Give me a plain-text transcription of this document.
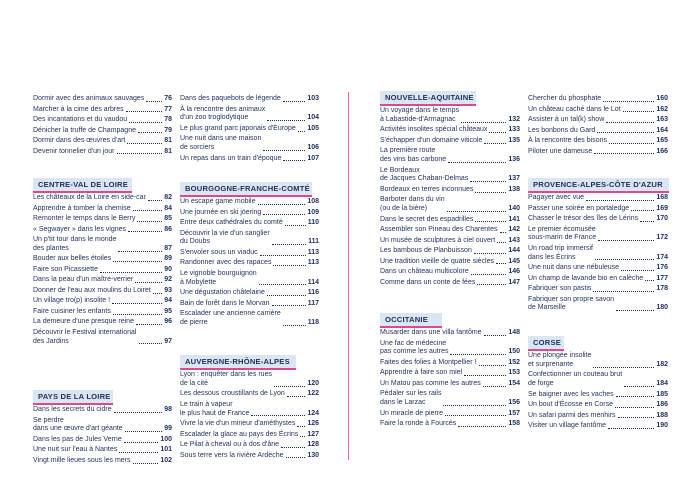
Dormir avec des animaux sauvages	76
Marcher à la cime des arbres	77
Des incantations et du vaudou	78
Dénicher la truffe de Champagne	79
Dormir dans des œuvres d'art	81
Devenir tonnelier d'un jour	81
CENTRE-VAL DE LOIRE
Les châteaux de la Loire en side-car	82
Apprendre à tomber la chemise	84
Remonter le temps dans le Berry	85
« Segwayer » dans les vignes	86
Un p'tit tour dans le monde
des plantes	87
Bouder aux belles étoiles	89
Faire son Picassiette	90
Dans la peau d'un maître-verrier	92
Donner de l'eau aux moulins du Loiret 93
Un village tro(p) insolite !	94
Faire cuisiner les enfants	95
La demeure d'une presque reine	96
Découvrir le Festival international
des Jardins	97
PAYS DE LA LOIRE
Dans les secrets du cidre	98
Se perdre
dans une œuvre d'art géante	99
Dans les pas de Jules Verne	100
Une nuit sur l'eau à Nantes	101
Vingt mille lieues sous les mers	102
Dans des paquebots de légende	103
À la rencontre des animaux
d'un zoo troglodytique	104
Le plus grand parc japonais d'Europe 105
Une nuit dans une maison
de sorciers	106
Un repas dans un train d'époque	107
BOURGOGNE-FRANCHE-COMTÉ
Un escape game mobile	108
Une journée en ski jöering	109
Entre deux cathédrales du comté	110
Découvrir la vie d'un sanglier
du Doubs	111
S'envoler sous un viaduc	113
Randonner avec des rapaces	113
Le vignoble bourguignon
à Mobylette	114
Une dégustation châtelaine	116
Bain de forêt dans le Morvan	117
Escalader une ancienne carrière
de pierre	118
AUVERGNE-RHÔNE-ALPES
Lyon : enquêter dans les rues
de la cité	120
Les dessous croustillants de Lyon	122
Le train à vapeur
le plus haut de France	124
Vivre la vie d'un mineur d'améthystes 126
Escalader la glace au pays des Écrins 127
Le Pilat à cheval ou à dos d'âne	128
Sous terre vers la rivière Ardèche	130
NOUVELLE-AQUITAINE
Un voyage dans le temps
à Labastide-d'Armagnac	132
Activités insolites spécial châteaux	133
S'échapper d'un domaine viticole	135
La première route
des vins bas carbone	136
Le Bordeaux
de Jacques Chaban-Delmas	137
Bordeaux en terres inconnues	138
Barboter dans du vin
(ou de la bière)	140
Dans le secret des espadrilles	141
Assembler son Pineau des Charentes 142
Un musée de sculptures à ciel ouvert 143
Les bambous de Planbuisson	144
Une tradition vieille de quatre siècles 145
Dans un château multicolore	146
Comme dans un conte de fées	147
OCCITANIE
Musarder dans une villa fantôme	148
Une fac de médecine
pas comme les autres	150
Faites des folies à Montpellier !	152
Apprendre à faire son miel	153
Un Matou pas comme les autres	154
Pédaler sur les rails
dans le Larzac	156
Un miracle de pierre	157
Faire la ronde à Fourcès	158
Chercher du phosphate	160
Un château caché dans le Lot	162
Assister à un tal(k) show	163
Les bonbons du Gard	164
À la rencontre des bisons	165
Piloter une dameuse	166
PROVENCE-ALPES-CÔTE D'AZUR
Pagayer avec vue	168
Passer une soirée en portaledge	169
Chasser le trésor des îles de Lérins	170
Le premier écomusée
sous-marin de France	172
Un road trip immersif
dans les Écrins	174
Une nuit dans une nébuleuse	176
Un champ de lavande bio en calèche 177
Fabriquer son pastis	178
Fabriquer son propre savon
de Marseille	180
CORSE
Une plongée insolite
et surprenante	182
Confectionner un couteau brut
de forge	184
Se baigner avec les vaches	185
Un bout d'Écosse en Corse	186
Un safari parmi des menhirs	188
Visiter un village fantôme	190
